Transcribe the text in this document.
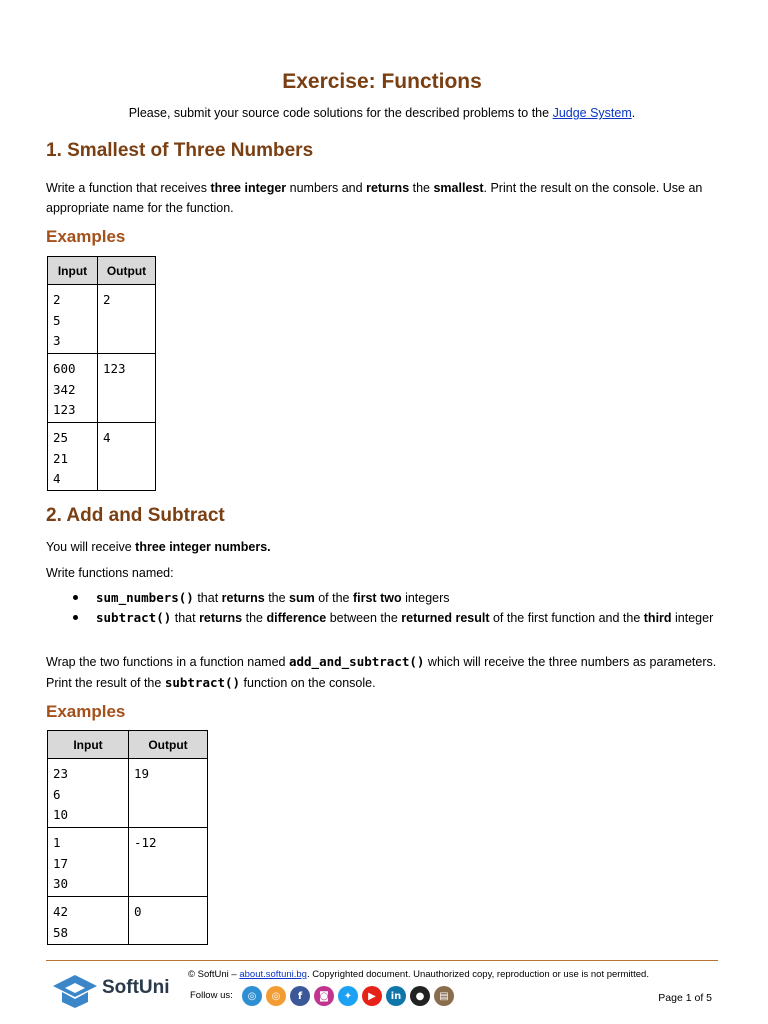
Exercise: Functions
Please, submit your source code solutions for the described problems to the Judge System.
1. Smallest of Three Numbers

Write a function that receives three integer numbers and returns the smallest. Print the result on the console. Use an appropriate name for the function.

Examples
Input	Output

2
5
3	2

600
342
123	123

25
21
4	4
2. Add and Subtract

You will receive three integer numbers.

Write functions named:

sum_numbers() that returns the sum of the first two integers
subtract() that returns the difference between the returned result of the first function and the third integer

Wrap the two functions in a function named add_and_subtract() which will receive the three numbers as parameters. Print the result of the subtract() function on the console.

Examples
Input	Output

23
6
10	19

1
17
30	-12

42
58	0
SoftUni
© SoftUni – about.softuni.bg. Copyrighted document. Unauthorized copy, reproduction or use is not permitted.
Follow us:	◎	◎	f	◙	✦	▶	in	●	▤	Page 1 of 5
